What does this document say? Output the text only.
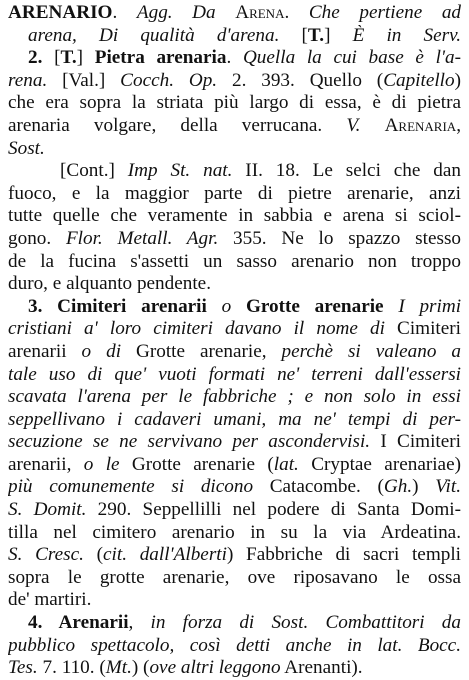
ARENARIO. Agg. Da Arena. Che pertiene ad
arena, Di qualità d'arena. [T.] È in Serv.
2. [T.] Pietra arenaria. Quella la cui base è l'a-
rena. [Val.] Cocch. Op. 2. 393. Quello (Capitello)
che era sopra la striata più largo di essa, è di pietra
arenaria volgare, della verrucana. V. Arenaria,
Sost.
[Cont.] Imp St. nat. II. 18. Le selci che dan
fuoco, e la maggior parte di pietre arenarie, anzi
tutte quelle che veramente in sabbia e arena si sciol-
gono. Flor. Metall. Agr. 355. Ne lo spazzo stesso
de la fucina s'assetti un sasso arenario non troppo
duro, e alquanto pendente.
3. Cimiteri arenarii o Grotte arenarie I primi
cristiani a' loro cimiteri davano il nome di Cimiteri
arenarii o di Grotte arenarie, perchè si valeano a
tale uso di que' vuoti formati ne' terreni dall'essersi
scavata l'arena per le fabbriche ; e non solo in essi
seppellivano i cadaveri umani, ma ne' tempi di per-
secuzione se ne servivano per ascondervisi. I Cimiteri
arenarii, o le Grotte arenarie (lat. Cryptae arenariae)
più comunemente si dicono Catacombe. (Gh.) Vit.
S. Domit. 290. Seppellilli nel podere di Santa Domi-
tilla nel cimitero arenario in su la via Ardeatina.
S. Cresc. (cit. dall'Alberti) Fabbriche di sacri templi
sopra le grotte arenarie, ove riposavano le ossa
de' martiri.
4. Arenarii, in forza di Sost. Combattitori da
pubblico spettacolo, così detti anche in lat. Bocc.
Tes. 7. 110. (Mt.) (ove altri leggono Arenanti).
